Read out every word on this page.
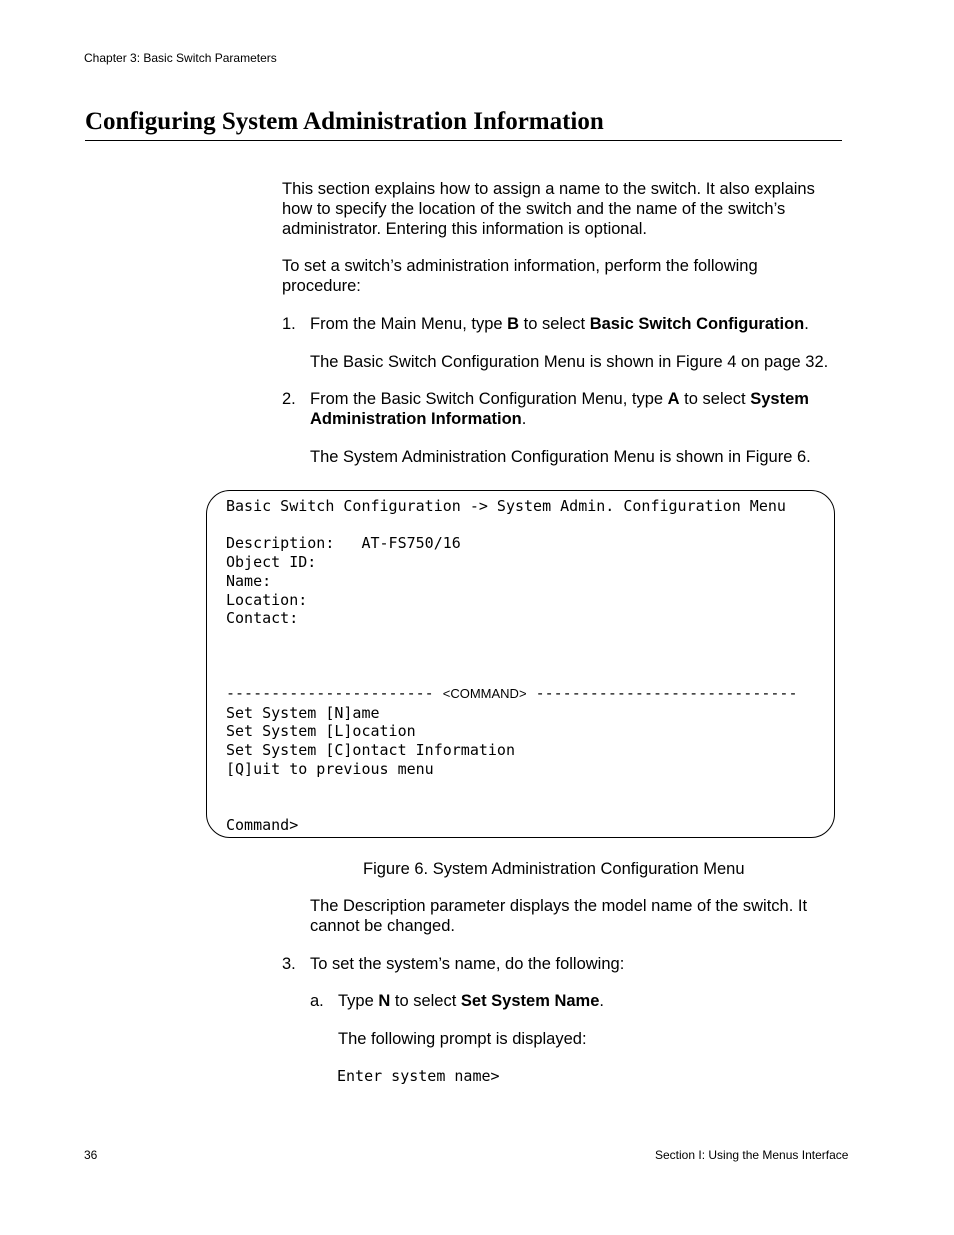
Chapter 3: Basic Switch Parameters
Configuring System Administration Information

This section explains how to assign a name to the switch. It also explains how to specify the location of the switch and the name of the switch’s administrator. Entering this information is optional.

To set a switch’s administration information, perform the following procedure:

1. From the Main Menu, type B to select Basic Switch Configuration.
The Basic Switch Configuration Menu is shown in Figure 4 on page 32.
2. From the Basic Switch Configuration Menu, type A to select System Administration Information.
The System Administration Configuration Menu is shown in Figure 6.
Basic Switch Configuration -> System Admin. Configuration Menu
Description: AT-FS750/16
Object ID:
Name:
Location:
Contact:
----------------------- <COMMAND> -----------------------------
Set System [N]ame
Set System [L]ocation
Set System [C]ontact Information
[Q]uit to previous menu
Command>
Figure 6. System Administration Configuration Menu

The Description parameter displays the model name of the switch. It cannot be changed.

3. To set the system’s name, do the following:
a. Type N to select Set System Name.
The following prompt is displayed:
Enter system name>
36	Section I: Using the Menus Interface
